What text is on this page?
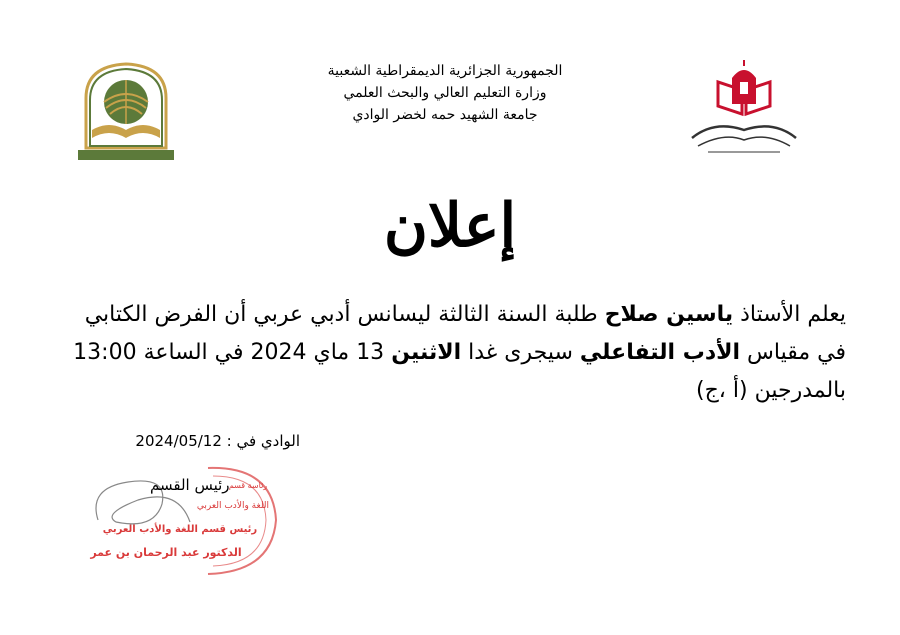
الجمهورية الجزائرية الديمقراطية الشعبية
وزارة التعليم العالي والبحث العلمي
جامعة الشهيد حمه لخضر الوادي
إعلان
يعلم الأستاذ ياسين صلاح طلبة السنة الثالثة ليسانس أدبي عربي أن الفرض الكتابي
في مقياس الأدب التفاعلي سيجرى غدا الاثنين 13 ماي 2024 في الساعة 13:00
بالمدرجين (أ ،ج)
الوادي في : 2024/05/12
رئاسة قسم
اللغة والأدب العربي
رئيس قسم اللغة والأدب العربي
الدكتور عبد الرحمان بن عمر
رئيس القسم
